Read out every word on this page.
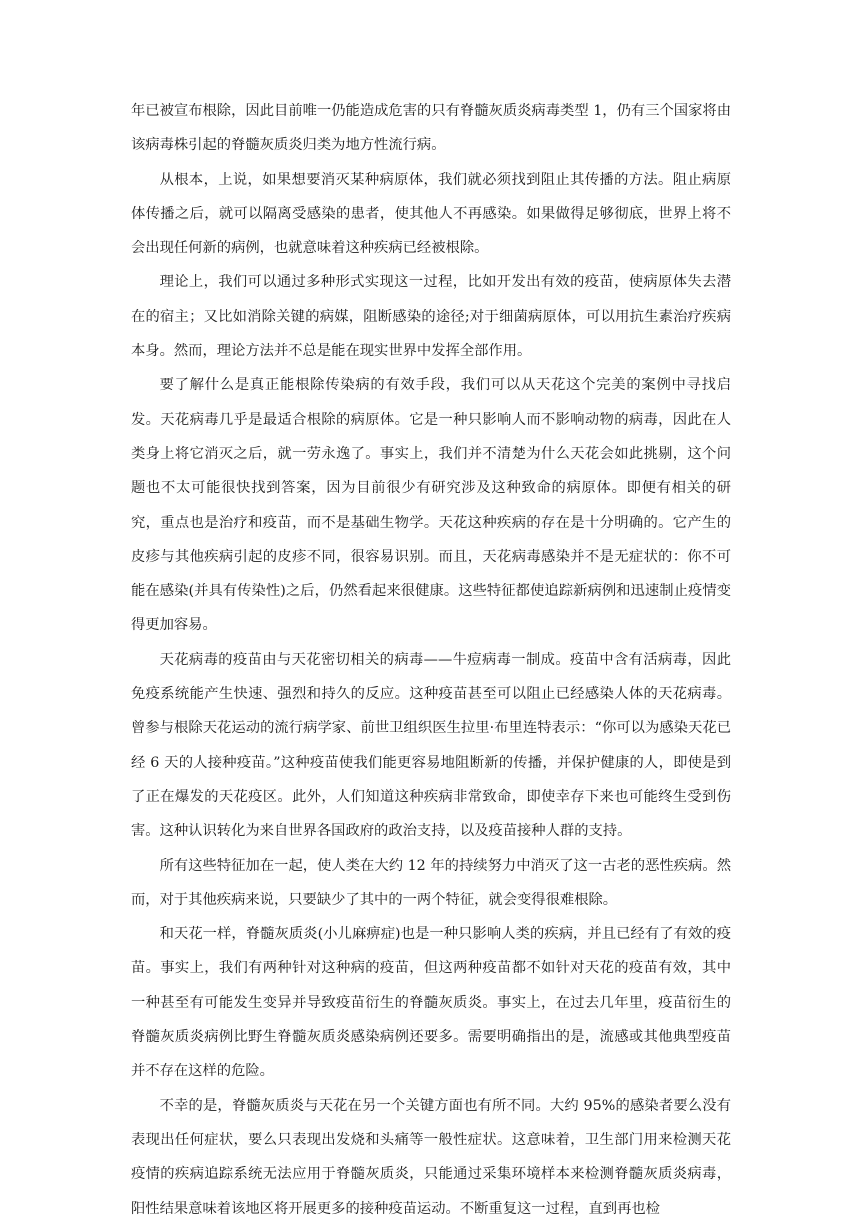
年已被宣布根除，因此目前唯一仍能造成危害的只有脊髓灰质炎病毒类型 1，仍有三个国家将由该病毒株引起的脊髓灰质炎归类为地方性流行病。

从根本，上说，如果想要消灭某种病原体，我们就必须找到阻止其传播的方法。阻止病原体传播之后，就可以隔离受感染的患者，使其他人不再感染。如果做得足够彻底，世界上将不会出现任何新的病例，也就意味着这种疾病已经被根除。

理论上，我们可以通过多种形式实现这一过程，比如开发出有效的疫苗，使病原体失去潜在的宿主；又比如消除关键的病媒，阻断感染的途径;对于细菌病原体，可以用抗生素治疗疾病本身。然而，理论方法并不总是能在现实世界中发挥全部作用。

要了解什么是真正能根除传染病的有效手段，我们可以从天花这个完美的案例中寻找启发。天花病毒几乎是最适合根除的病原体。它是一种只影响人而不影响动物的病毒，因此在人类身上将它消灭之后，就一劳永逸了。事实上，我们并不清楚为什么天花会如此挑剔，这个问题也不太可能很快找到答案，因为目前很少有研究涉及这种致命的病原体。即便有相关的研究，重点也是治疗和疫苗，而不是基础生物学。天花这种疾病的存在是十分明确的。它产生的皮疹与其他疾病引起的皮疹不同，很容易识别。而且，天花病毒感染并不是无症状的：你不可能在感染(并具有传染性)之后，仍然看起来很健康。这些特征都使追踪新病例和迅速制止疫情变得更加容易。

天花病毒的疫苗由与天花密切相关的病毒——牛痘病毒一制成。疫苗中含有活病毒，因此免疫系统能产生快速、强烈和持久的反应。这种疫苗甚至可以阻止已经感染人体的天花病毒。曾参与根除天花运动的流行病学家、前世卫组织医生拉里·布里连特表示：“你可以为感染天花已经 6 天的人接种疫苗。”这种疫苗使我们能更容易地阻断新的传播，并保护健康的人，即使是到了正在爆发的天花疫区。此外，人们知道这种疾病非常致命，即使幸存下来也可能终生受到伤害。这种认识转化为来自世界各国政府的政治支持，以及疫苗接种人群的支持。

所有这些特征加在一起，使人类在大约 12 年的持续努力中消灭了这一古老的恶性疾病。然而，对于其他疾病来说，只要缺少了其中的一两个特征，就会变得很难根除。

和天花一样，脊髓灰质炎(小儿麻痹症)也是一种只影响人类的疾病，并且已经有了有效的疫苗。事实上，我们有两种针对这种病的疫苗，但这两种疫苗都不如针对天花的疫苗有效，其中一种甚至有可能发生变异并导致疫苗衍生的脊髓灰质炎。事实上，在过去几年里，疫苗衍生的脊髓灰质炎病例比野生脊髓灰质炎感染病例还要多。需要明确指出的是，流感或其他典型疫苗并不存在这样的危险。

不幸的是，脊髓灰质炎与天花在另一个关键方面也有所不同。大约 95%的感染者要么没有表现出任何症状，要么只表现出发烧和头痛等一般性症状。这意味着，卫生部门用来检测天花疫情的疾病追踪系统无法应用于脊髓灰质炎，只能通过采集环境样本来检测脊髓灰质炎病毒，阳性结果意味着该地区将开展更多的接种疫苗运动。不断重复这一过程，直到再也检
